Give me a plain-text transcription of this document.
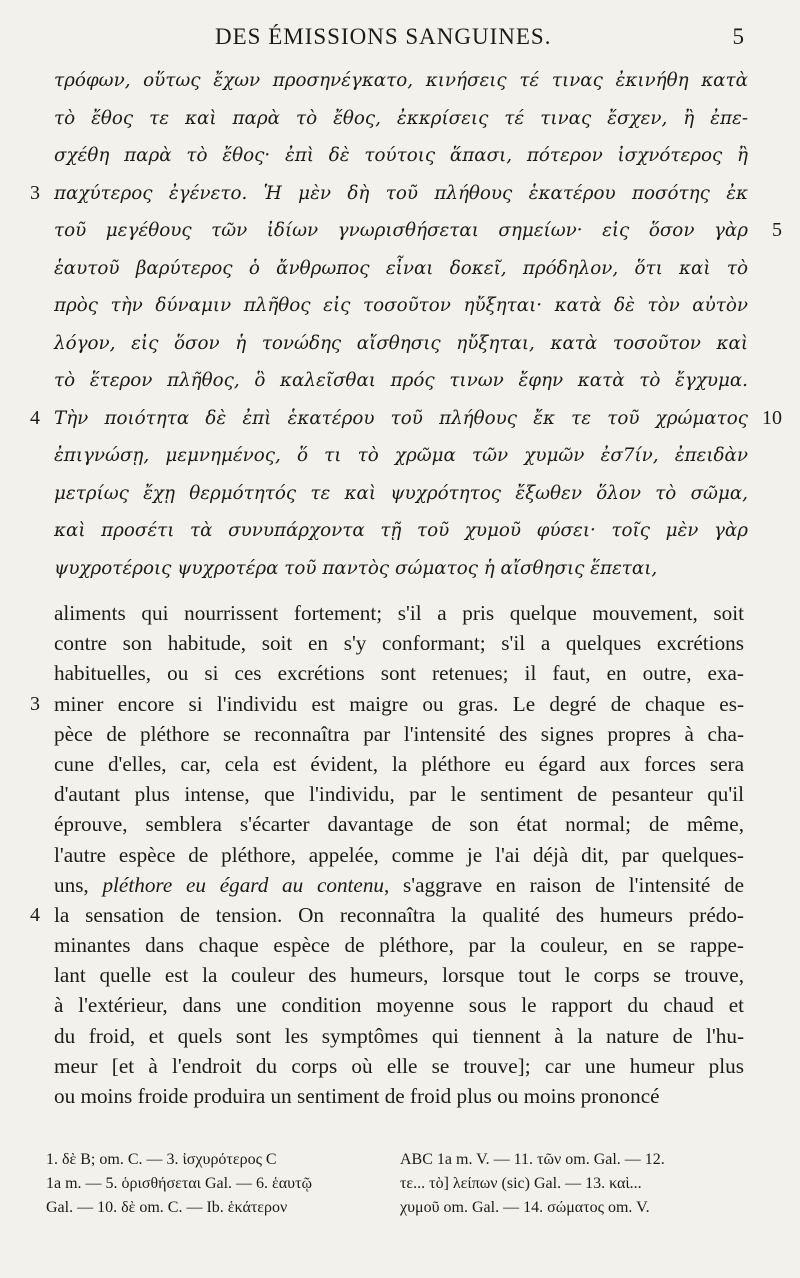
DES ÉMISSIONS SANGUINES.	5
τρόφων, οὕτως ἔχων προσηνέγκατο, κινήσεις τέ τινας ἐκινήθη κατὰ
τὸ ἔθος τε καὶ παρὰ τὸ ἔθος, ἐκκρίσεις τέ τινας ἔσχεν, ἢ ἐπε-
σχέθη παρὰ τὸ ἔθος· ἐπὶ δὲ τούτοις ἅπασι, πότερον ἰσχνότερος ἢ
παχύτερος ἐγένετο. Ἡ μὲν δὴ τοῦ πλήθους ἑκατέρου ποσότης ἐκ
3
τοῦ μεγέθους τῶν ἰδίων γνωρισθήσεται σημείων· εἰς ὅσον γὰρ 5
ἑαυτοῦ βαρύτερος ὁ ἄνθρωπος εἶναι δοκεῖ, πρόδηλον, ὅτι καὶ τὸ
πρὸς τὴν δύναμιν πλῆθος εἰς τοσοῦτον ηὔξηται· κατὰ δὲ τὸν αὐτὸν
λόγον, εἰς ὅσον ἡ τονώδης αἴσθησις ηὔξηται, κατὰ τοσοῦτον καὶ
τὸ ἕτερον πλῆθος, ὃ καλεῖσθαι πρός τινων ἔφην κατὰ τὸ ἔγχυμα.
Τὴν ποιότητα δὲ ἐπὶ ἑκατέρου τοῦ πλήθους ἔκ τε τοῦ χρώματος
4	10
ἐπιγνώσῃ, μεμνημένος, ὅ τι τὸ χρῶμα τῶν χυμῶν ἐσ7ίν, ἐπειδὰν
μετρίως ἔχῃ θερμότητός τε καὶ ψυχρότητος ἔξωθεν ὅλον τὸ σῶμα,
καὶ προσέτι τὰ συνυπάρχοντα τῇ τοῦ χυμοῦ φύσει· τοῖς μὲν γὰρ
ψυχροτέροις ψυχροτέρα τοῦ παντὸς σώματος ἡ αἴσθησις ἕπεται,
aliments qui nourrissent fortement; s'il a pris quelque mouvement, soit
contre son habitude, soit en s'y conformant; s'il a quelques excrétions
habituelles, ou si ces excrétions sont retenues; il faut, en outre, exa-
miner encore si l'individu est maigre ou gras. Le degré de chaque es-
3
pèce de pléthore se reconnaîtra par l'intensité des signes propres à cha-
cune d'elles, car, cela est évident, la pléthore eu égard aux forces sera
d'autant plus intense, que l'individu, par le sentiment de pesanteur qu'il
éprouve, semblera s'écarter davantage de son état normal; de même,
l'autre espèce de pléthore, appelée, comme je l'ai déjà dit, par quelques-
uns, pléthore eu égard au contenu, s'aggrave en raison de l'intensité de
la sensation de tension. On reconnaîtra la qualité des humeurs prédo-
4
minantes dans chaque espèce de pléthore, par la couleur, en se rappe-
lant quelle est la couleur des humeurs, lorsque tout le corps se trouve,
à l'extérieur, dans une condition moyenne sous le rapport du chaud et
du froid, et quels sont les symptômes qui tiennent à la nature de l'hu-
meur [et à l'endroit du corps où elle se trouve]; car une humeur plus
ou moins froide produira un sentiment de froid plus ou moins prononcé
1. δὲ B; om. C. — 3. ἰσχυρότερος C	ABC 1a m. V. — 11. τῶν om. Gal. — 12.
1a m. — 5. ὁρισθήσεται Gal. — 6. ἑαυτῷ	τε... τὸ] λείπων (sic) Gal. — 13. καὶ...
Gal. — 10. δὲ om. C. — Ib. ἑκάτερον	χυμοῦ om. Gal. — 14. σώματος om. V.
